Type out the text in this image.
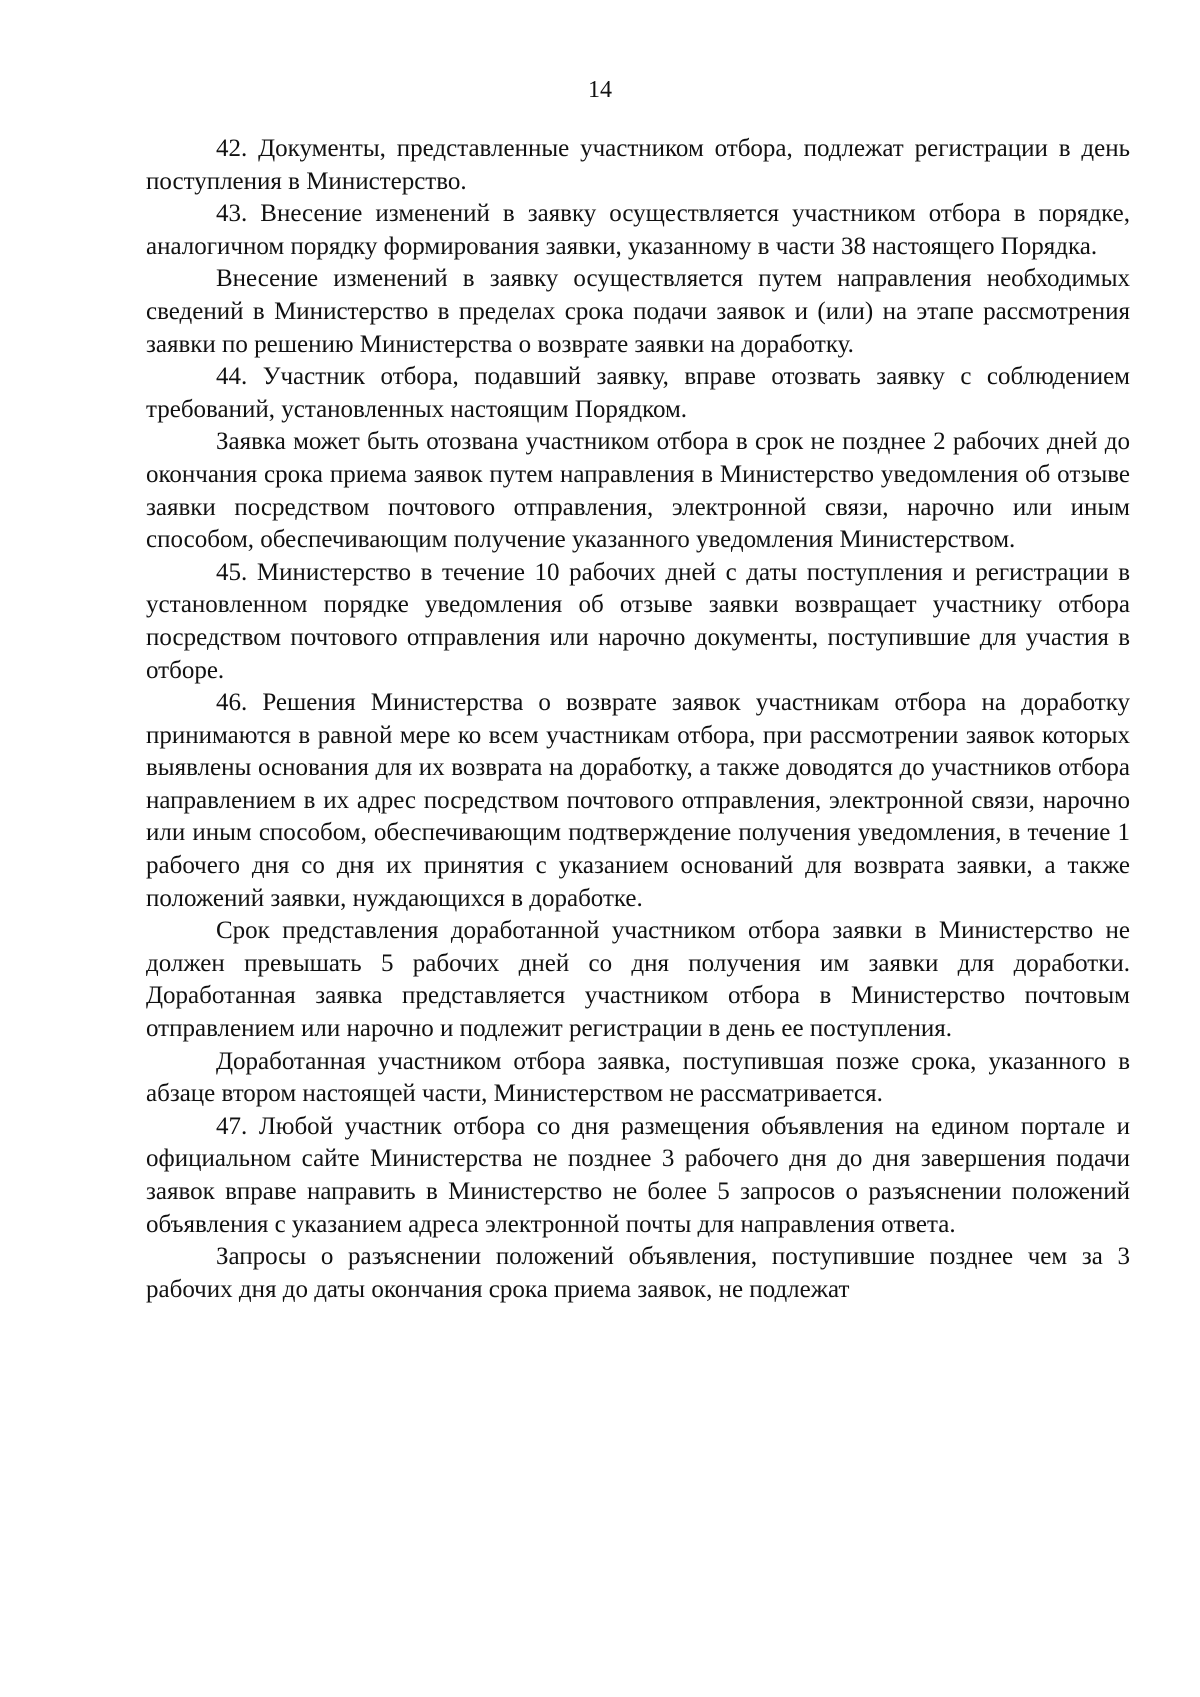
14

42. Документы, представленные участником отбора, подлежат регистрации в день поступления в Министерство.

43. Внесение изменений в заявку осуществляется участником отбора в порядке, аналогичном порядку формирования заявки, указанному в части 38 настоящего Порядка.

Внесение изменений в заявку осуществляется путем направления необходимых сведений в Министерство в пределах срока подачи заявок и (или) на этапе рассмотрения заявки по решению Министерства о возврате заявки на доработку.

44. Участник отбора, подавший заявку, вправе отозвать заявку с соблюдением требований, установленных настоящим Порядком.

Заявка может быть отозвана участником отбора в срок не позднее 2 рабочих дней до окончания срока приема заявок путем направления в Министерство уведомления об отзыве заявки посредством почтового отправления, электронной связи, нарочно или иным способом, обеспечивающим получение указанного уведомления Министерством.

45. Министерство в течение 10 рабочих дней с даты поступления и регистрации в установленном порядке уведомления об отзыве заявки возвращает участнику отбора посредством почтового отправления или нарочно документы, поступившие для участия в отборе.

46. Решения Министерства о возврате заявок участникам отбора на доработку принимаются в равной мере ко всем участникам отбора, при рассмотрении заявок которых выявлены основания для их возврата на доработку, а также доводятся до участников отбора направлением в их адрес посредством почтового отправления, электронной связи, нарочно или иным способом, обеспечивающим подтверждение получения уведомления, в течение 1 рабочего дня со дня их принятия с указанием оснований для возврата заявки, а также положений заявки, нуждающихся в доработке.

Срок представления доработанной участником отбора заявки в Министерство не должен превышать 5 рабочих дней со дня получения им заявки для доработки. Доработанная заявка представляется участником отбора в Министерство почтовым отправлением или нарочно и подлежит регистрации в день ее поступления.

Доработанная участником отбора заявка, поступившая позже срока, указанного в абзаце втором настоящей части, Министерством не рассматривается.

47. Любой участник отбора со дня размещения объявления на едином портале и официальном сайте Министерства не позднее 3 рабочего дня до дня завершения подачи заявок вправе направить в Министерство не более 5 запросов о разъяснении положений объявления с указанием адреса электронной почты для направления ответа.

Запросы о разъяснении положений объявления, поступившие позднее чем за 3 рабочих дня до даты окончания срока приема заявок, не подлежат
